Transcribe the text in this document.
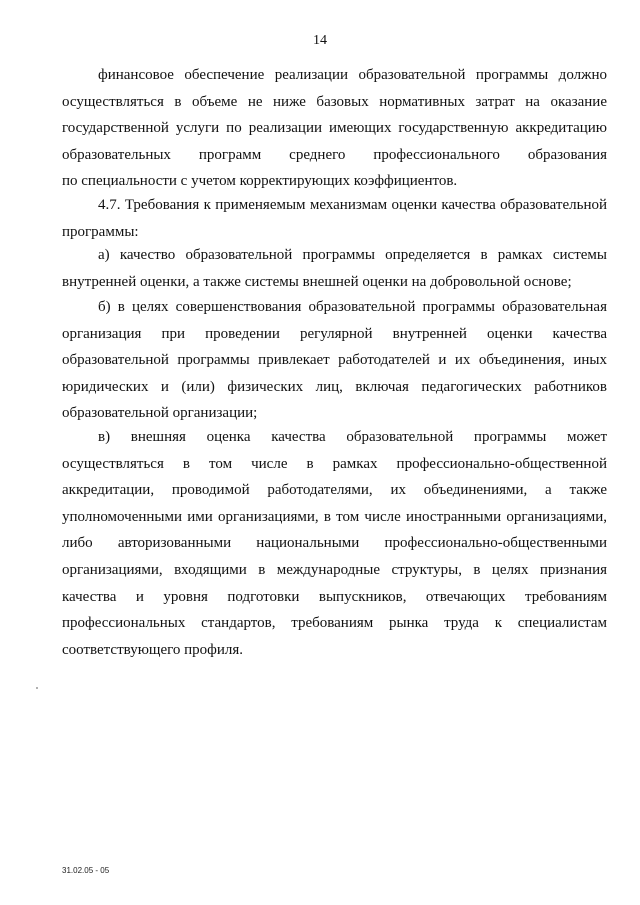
14
финансовое обеспечение реализации образовательной программы должно
осуществляться в объеме не ниже базовых нормативных затрат на оказание
государственной услуги по реализации имеющих государственную аккредитацию
образовательных программ среднего профессионального образования
по специальности с учетом корректирующих коэффициентов.
4.7. Требования к применяемым механизмам оценки качества образовательной
программы:
а) качество образовательной программы определяется в рамках системы
внутренней оценки, а также системы внешней оценки на добровольной основе;
б) в целях совершенствования образовательной программы образовательная
организация при проведении регулярной внутренней оценки качества
образовательной программы привлекает работодателей и их объединения, иных
юридических и (или) физических лиц, включая педагогических работников
образовательной организации;
в) внешняя оценка качества образовательной программы может
осуществляться в том числе в рамках профессионально-общественной
аккредитации, проводимой работодателями, их объединениями, а также
уполномоченными ими организациями, в том числе иностранными организациями,
либо авторизованными национальными профессионально-общественными
организациями, входящими в международные структуры, в целях признания
качества и уровня подготовки выпускников, отвечающих требованиям
профессиональных стандартов, требованиям рынка труда к специалистам
соответствующего профиля.
31.02.05 - 05
